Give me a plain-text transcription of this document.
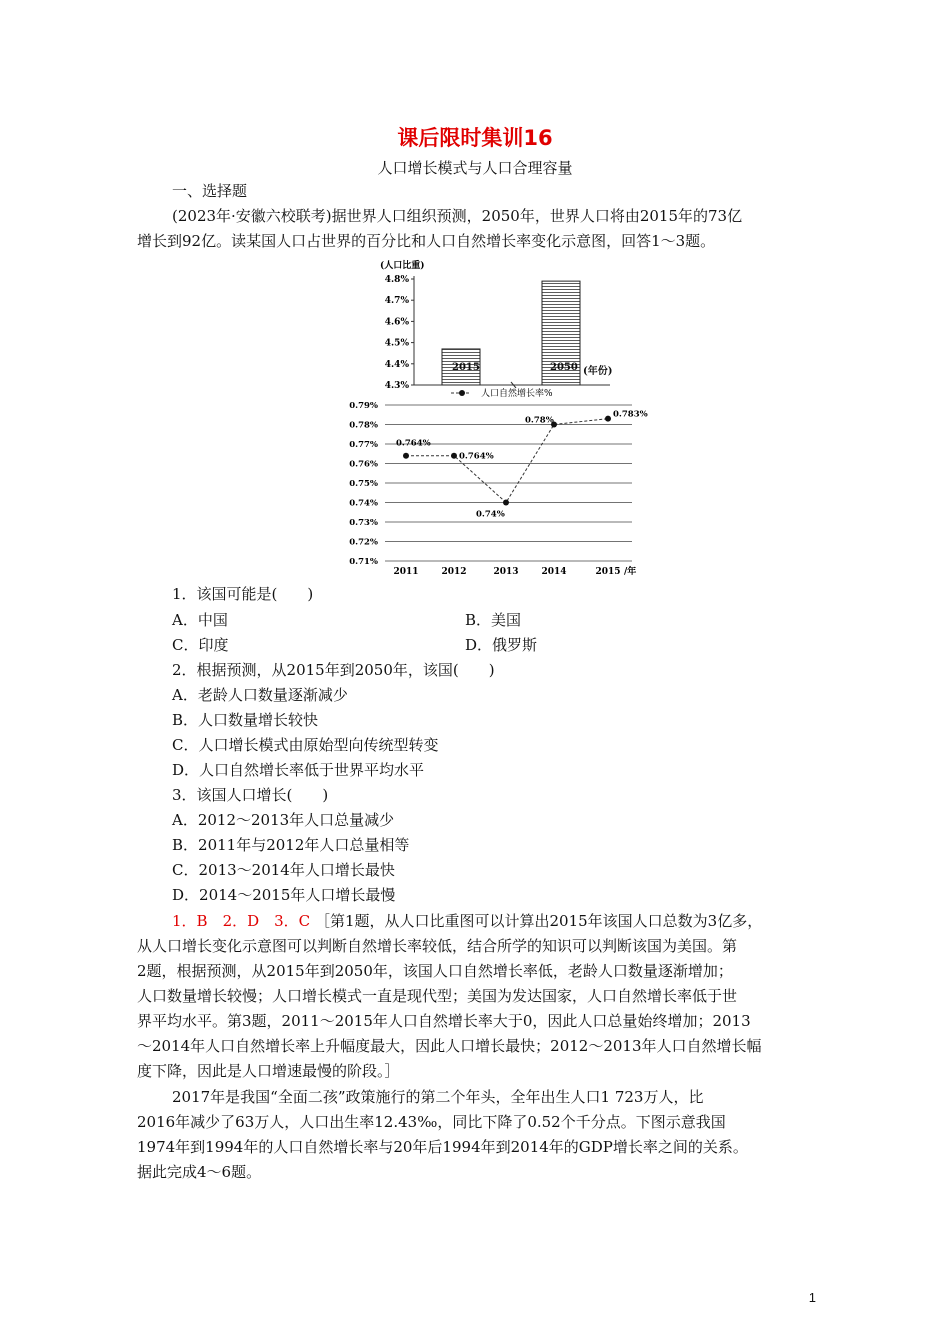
课后限时集训16
人口增长模式与人口合理容量
一、选择题
(2023年·安徽六校联考)据世界人口组织预测，2050年，世界人口将由2015年的73亿
增长到92亿。读某国人口占世界的百分比和人口自然增长率变化示意图，回答1～3题。
(人口比重)
4.3%
4.4%
4.5%
4.6%
4.7%
4.8%
2015	2050 (年份)
人口自然增长率%
0.71%
0.72%
0.73%
0.74%
0.75%
0.76%
0.77%
0.78%
0.79%
0.764%
0.764%
0.74%
0.78%
0.783%
2011	2012	2013	2014	2015 /年
1．该国可能是(　　)
A．中国	B．美国
C．印度	D．俄罗斯
2．根据预测，从2015年到2050年，该国(　　)
A．老龄人口数量逐渐减少
B．人口数量增长较快
C．人口增长模式由原始型向传统型转变
D．人口自然增长率低于世界平均水平
3．该国人口增长(　　)
A．2012～2013年人口总量减少
B．2011年与2012年人口总量相等
C．2013～2014年人口增长最快
D．2014～2015年人口增长最慢
1．B　2．D　3．C ［第1题，从人口比重图可以计算出2015年该国人口总数为3亿多，
从人口增长变化示意图可以判断自然增长率较低，结合所学的知识可以判断该国为美国。第
2题，根据预测，从2015年到2050年，该国人口自然增长率低，老龄人口数量逐渐增加；
人口数量增长较慢；人口增长模式一直是现代型；美国为发达国家，人口自然增长率低于世
界平均水平。第3题，2011～2015年人口自然增长率大于0，因此人口总量始终增加；2013
～2014年人口自然增长率上升幅度最大，因此人口增长最快；2012～2013年人口自然增长幅
度下降，因此是人口增速最慢的阶段。］
2017年是我国“全面二孩”政策施行的第二个年头，全年出生人口1 723万人，比
2016年减少了63万人，人口出生率12.43‰，同比下降了0.52个千分点。下图示意我国
1974年到1994年的人口自然增长率与20年后1994年到2014年的GDP增长率之间的关系。
据此完成4～6题。
1
